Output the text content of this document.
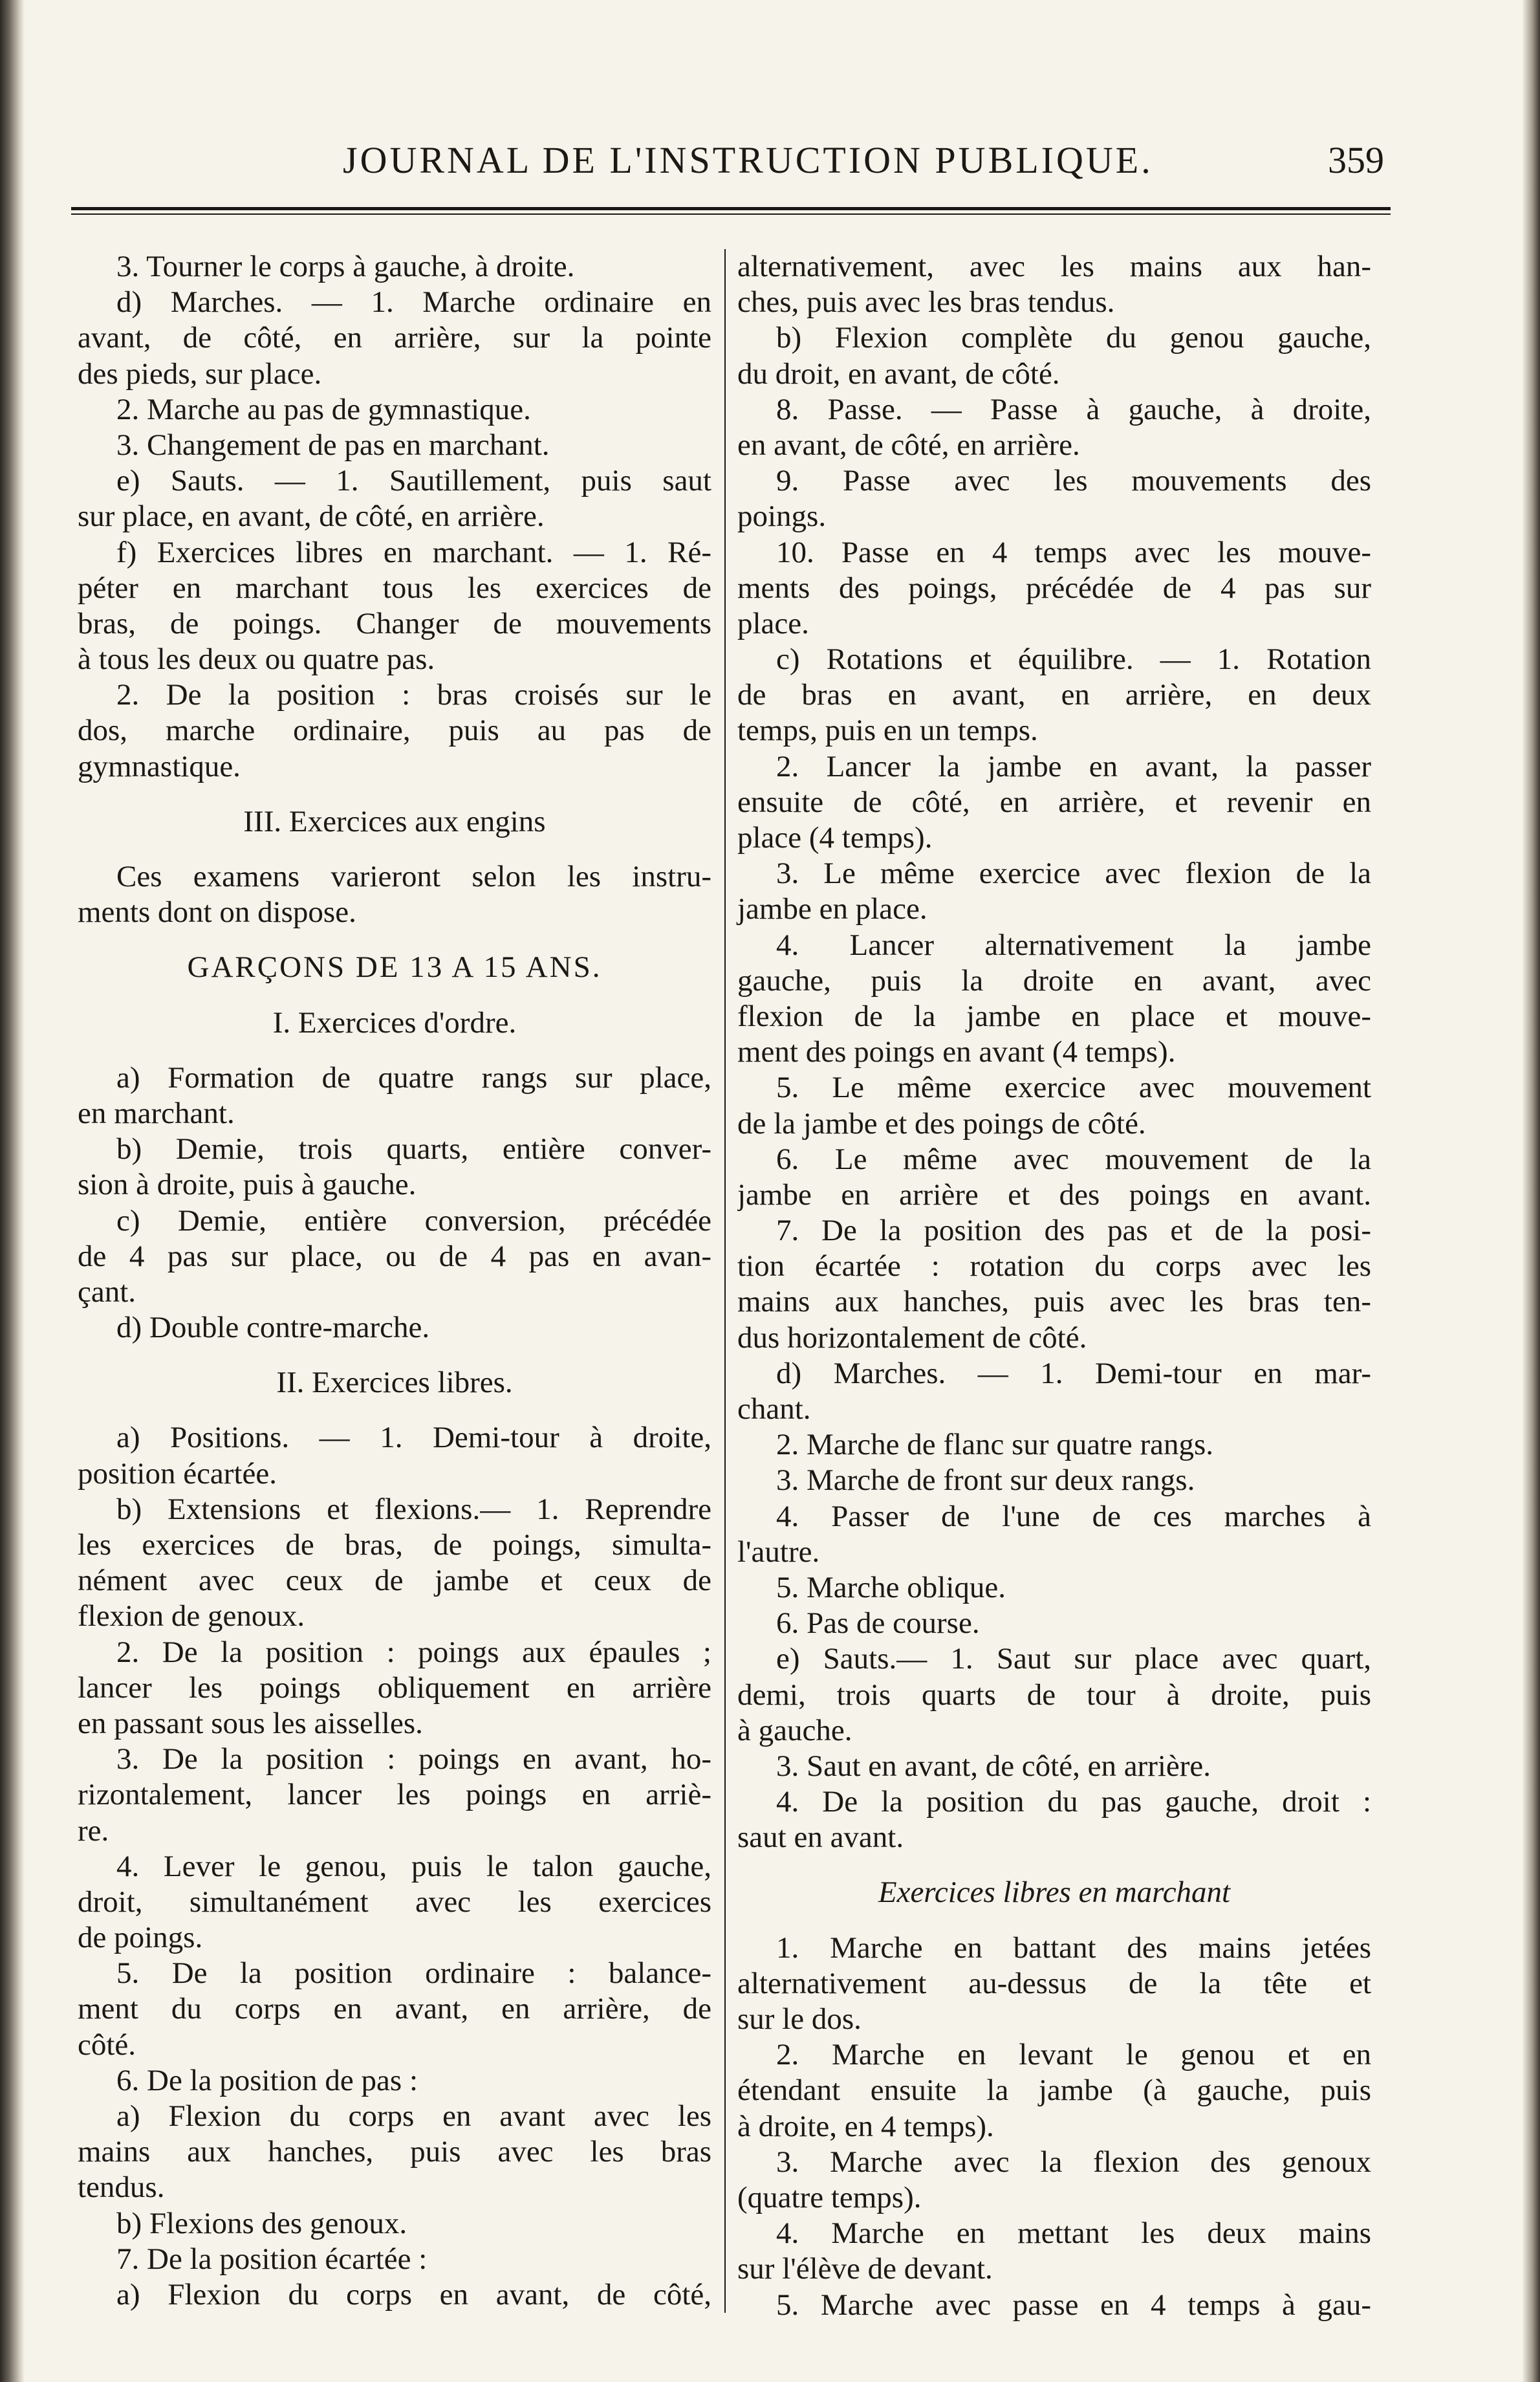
JOURNAL DE L'INSTRUCTION PUBLIQUE.	359
3. Tourner le corps à gauche, à droite.
d) Marches. — 1. Marche ordinaire en
avant, de côté, en arrière, sur la pointe
des pieds, sur place.
2. Marche au pas de gymnastique.
3. Changement de pas en marchant.
e) Sauts. — 1. Sautillement, puis saut
sur place, en avant, de côté, en arrière.
f) Exercices libres en marchant. — 1. Ré-
péter en marchant tous les exercices de
bras, de poings. Changer de mouvements
à tous les deux ou quatre pas.
2. De la position : bras croisés sur le
dos, marche ordinaire, puis au pas de
gymnastique.
III. Exercices aux engins
Ces examens varieront selon les instru-
ments dont on dispose.
GARÇONS DE 13 A 15 ANS.
I. Exercices d'ordre.
a) Formation de quatre rangs sur place,
en marchant.
b) Demie, trois quarts, entière conver-
sion à droite, puis à gauche.
c) Demie, entière conversion, précédée
de 4 pas sur place, ou de 4 pas en avan-
çant.
d) Double contre-marche.
II. Exercices libres.
a) Positions. — 1. Demi-tour à droite,
position écartée.
b) Extensions et flexions.— 1. Reprendre
les exercices de bras, de poings, simulta-
nément avec ceux de jambe et ceux de
flexion de genoux.
2. De la position : poings aux épaules ;
lancer les poings obliquement en arrière
en passant sous les aisselles.
3. De la position : poings en avant, ho-
rizontalement, lancer les poings en arriè-
re.
4. Lever le genou, puis le talon gauche,
droit, simultanément avec les exercices
de poings.
5. De la position ordinaire : balance-
ment du corps en avant, en arrière, de
côté.
6. De la position de pas :
a) Flexion du corps en avant avec les
mains aux hanches, puis avec les bras
tendus.
b) Flexions des genoux.
7. De la position écartée :
a) Flexion du corps en avant, de côté,
alternativement, avec les mains aux han-
ches, puis avec les bras tendus.
b) Flexion complète du genou gauche,
du droit, en avant, de côté.
8. Passe. — Passe à gauche, à droite,
en avant, de côté, en arrière.
9. Passe avec les mouvements des
poings.
10. Passe en 4 temps avec les mouve-
ments des poings, précédée de 4 pas sur
place.
c) Rotations et équilibre. — 1. Rotation
de bras en avant, en arrière, en deux
temps, puis en un temps.
2. Lancer la jambe en avant, la passer
ensuite de côté, en arrière, et revenir en
place (4 temps).
3. Le même exercice avec flexion de la
jambe en place.
4. Lancer alternativement la jambe
gauche, puis la droite en avant, avec
flexion de la jambe en place et mouve-
ment des poings en avant (4 temps).
5. Le même exercice avec mouvement
de la jambe et des poings de côté.
6. Le même avec mouvement de la
jambe en arrière et des poings en avant.
7. De la position des pas et de la posi-
tion écartée : rotation du corps avec les
mains aux hanches, puis avec les bras ten-
dus horizontalement de côté.
d) Marches. — 1. Demi-tour en mar-
chant.
2. Marche de flanc sur quatre rangs.
3. Marche de front sur deux rangs.
4. Passer de l'une de ces marches à
l'autre.
5. Marche oblique.
6. Pas de course.
e) Sauts.— 1. Saut sur place avec quart,
demi, trois quarts de tour à droite, puis
à gauche.
3. Saut en avant, de côté, en arrière.
4. De la position du pas gauche, droit :
saut en avant.
Exercices libres en marchant
1. Marche en battant des mains jetées
alternativement au-dessus de la tête et
sur le dos.
2. Marche en levant le genou et en
étendant ensuite la jambe (à gauche, puis
à droite, en 4 temps).
3. Marche avec la flexion des genoux
(quatre temps).
4. Marche en mettant les deux mains
sur l'élève de devant.
5. Marche avec passe en 4 temps à gau-
